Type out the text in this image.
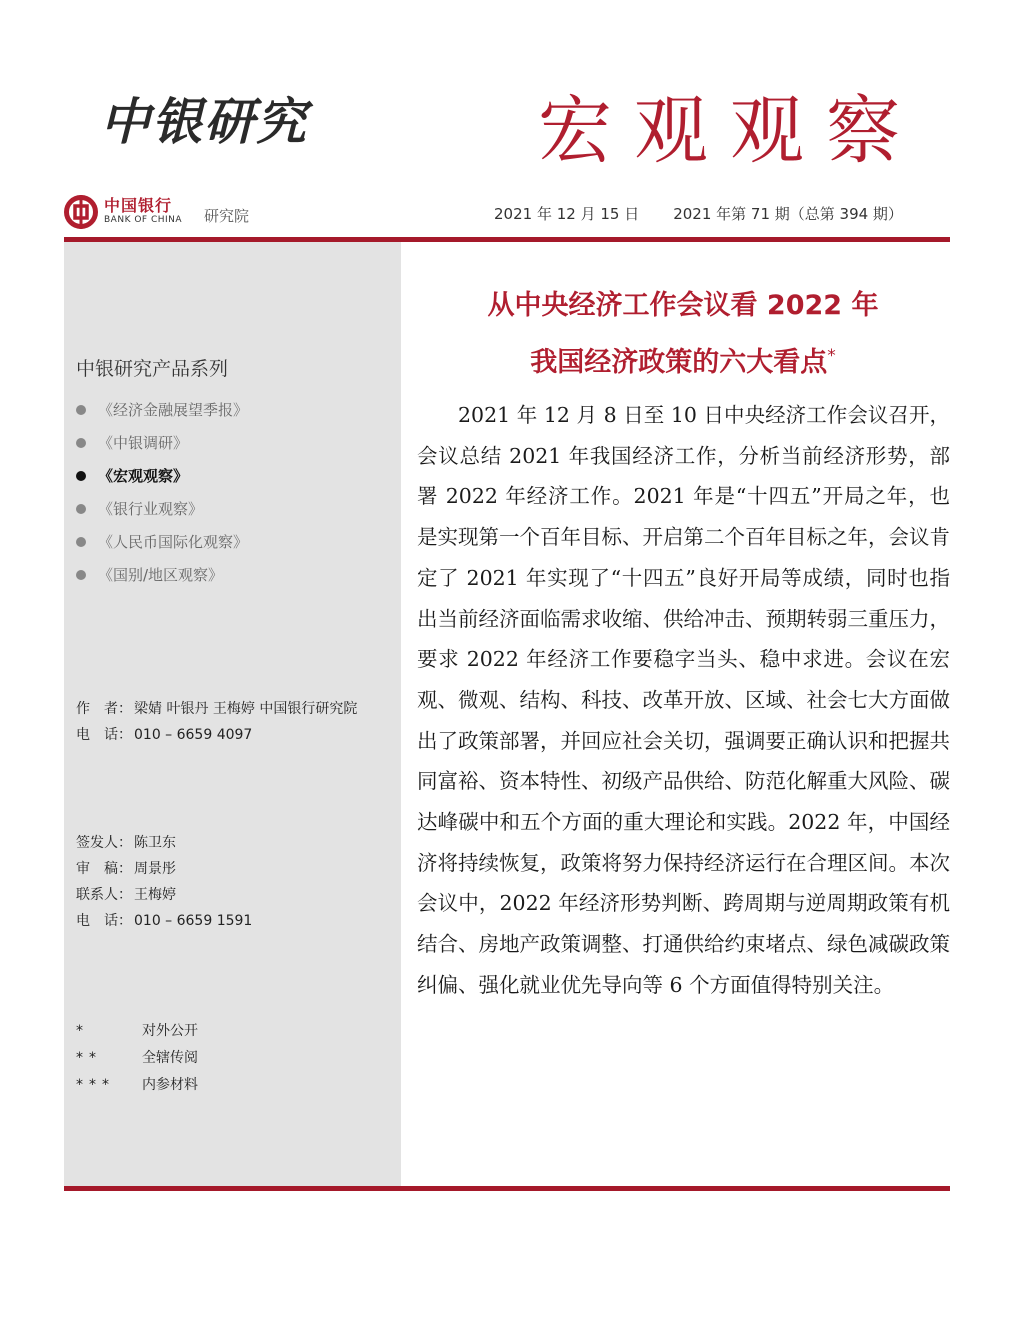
中银研究	宏观观察
中国银行
BANK OF CHINA 研究院	2021 年 12 月 15 日 2021 年第 71 期（总第 394 期）
中银研究产品系列
《经济金融展望季报》
《中银调研》
《宏观观察》
《银行业观察》
《人民币国际化观察》
《国别/地区观察》
作　者： 梁婧 叶银丹 王梅婷 中国银行研究院
电　话： 010 – 6659 4097
签发人： 陈卫东
审　稿： 周景彤
联系人： 王梅婷
电　话： 010 – 6659 1591
*	对外公开
**	全辖传阅
*** 内参材料
从中央经济工作会议看 2022 年
我国经济政策的六大看点*

2021 年 12 月 8 日至 10 日中央经济工作会议召开，会议总结 2021 年我国经济工作，分析当前经济形势，部署 2022 年经济工作。2021 年是“十四五”开局之年，也是实现第一个百年目标、开启第二个百年目标之年，会议肯定了 2021 年实现了“十四五”良好开局等成绩，同时也指出当前经济面临需求收缩、供给冲击、预期转弱三重压力，要求 2022 年经济工作要稳字当头、稳中求进。会议在宏观、微观、结构、科技、改革开放、区域、社会七大方面做出了政策部署，并回应社会关切，强调要正确认识和把握共同富裕、资本特性、初级产品供给、防范化解重大风险、碳达峰碳中和五个方面的重大理论和实践。2022 年，中国经济将持续恢复，政策将努力保持经济运行在合理区间。本次会议中，2022 年经济形势判断、跨周期与逆周期政策有机结合、房地产政策调整、打通供给约束堵点、绿色减碳政策纠偏、强化就业优先导向等 6 个方面值得特别关注。
